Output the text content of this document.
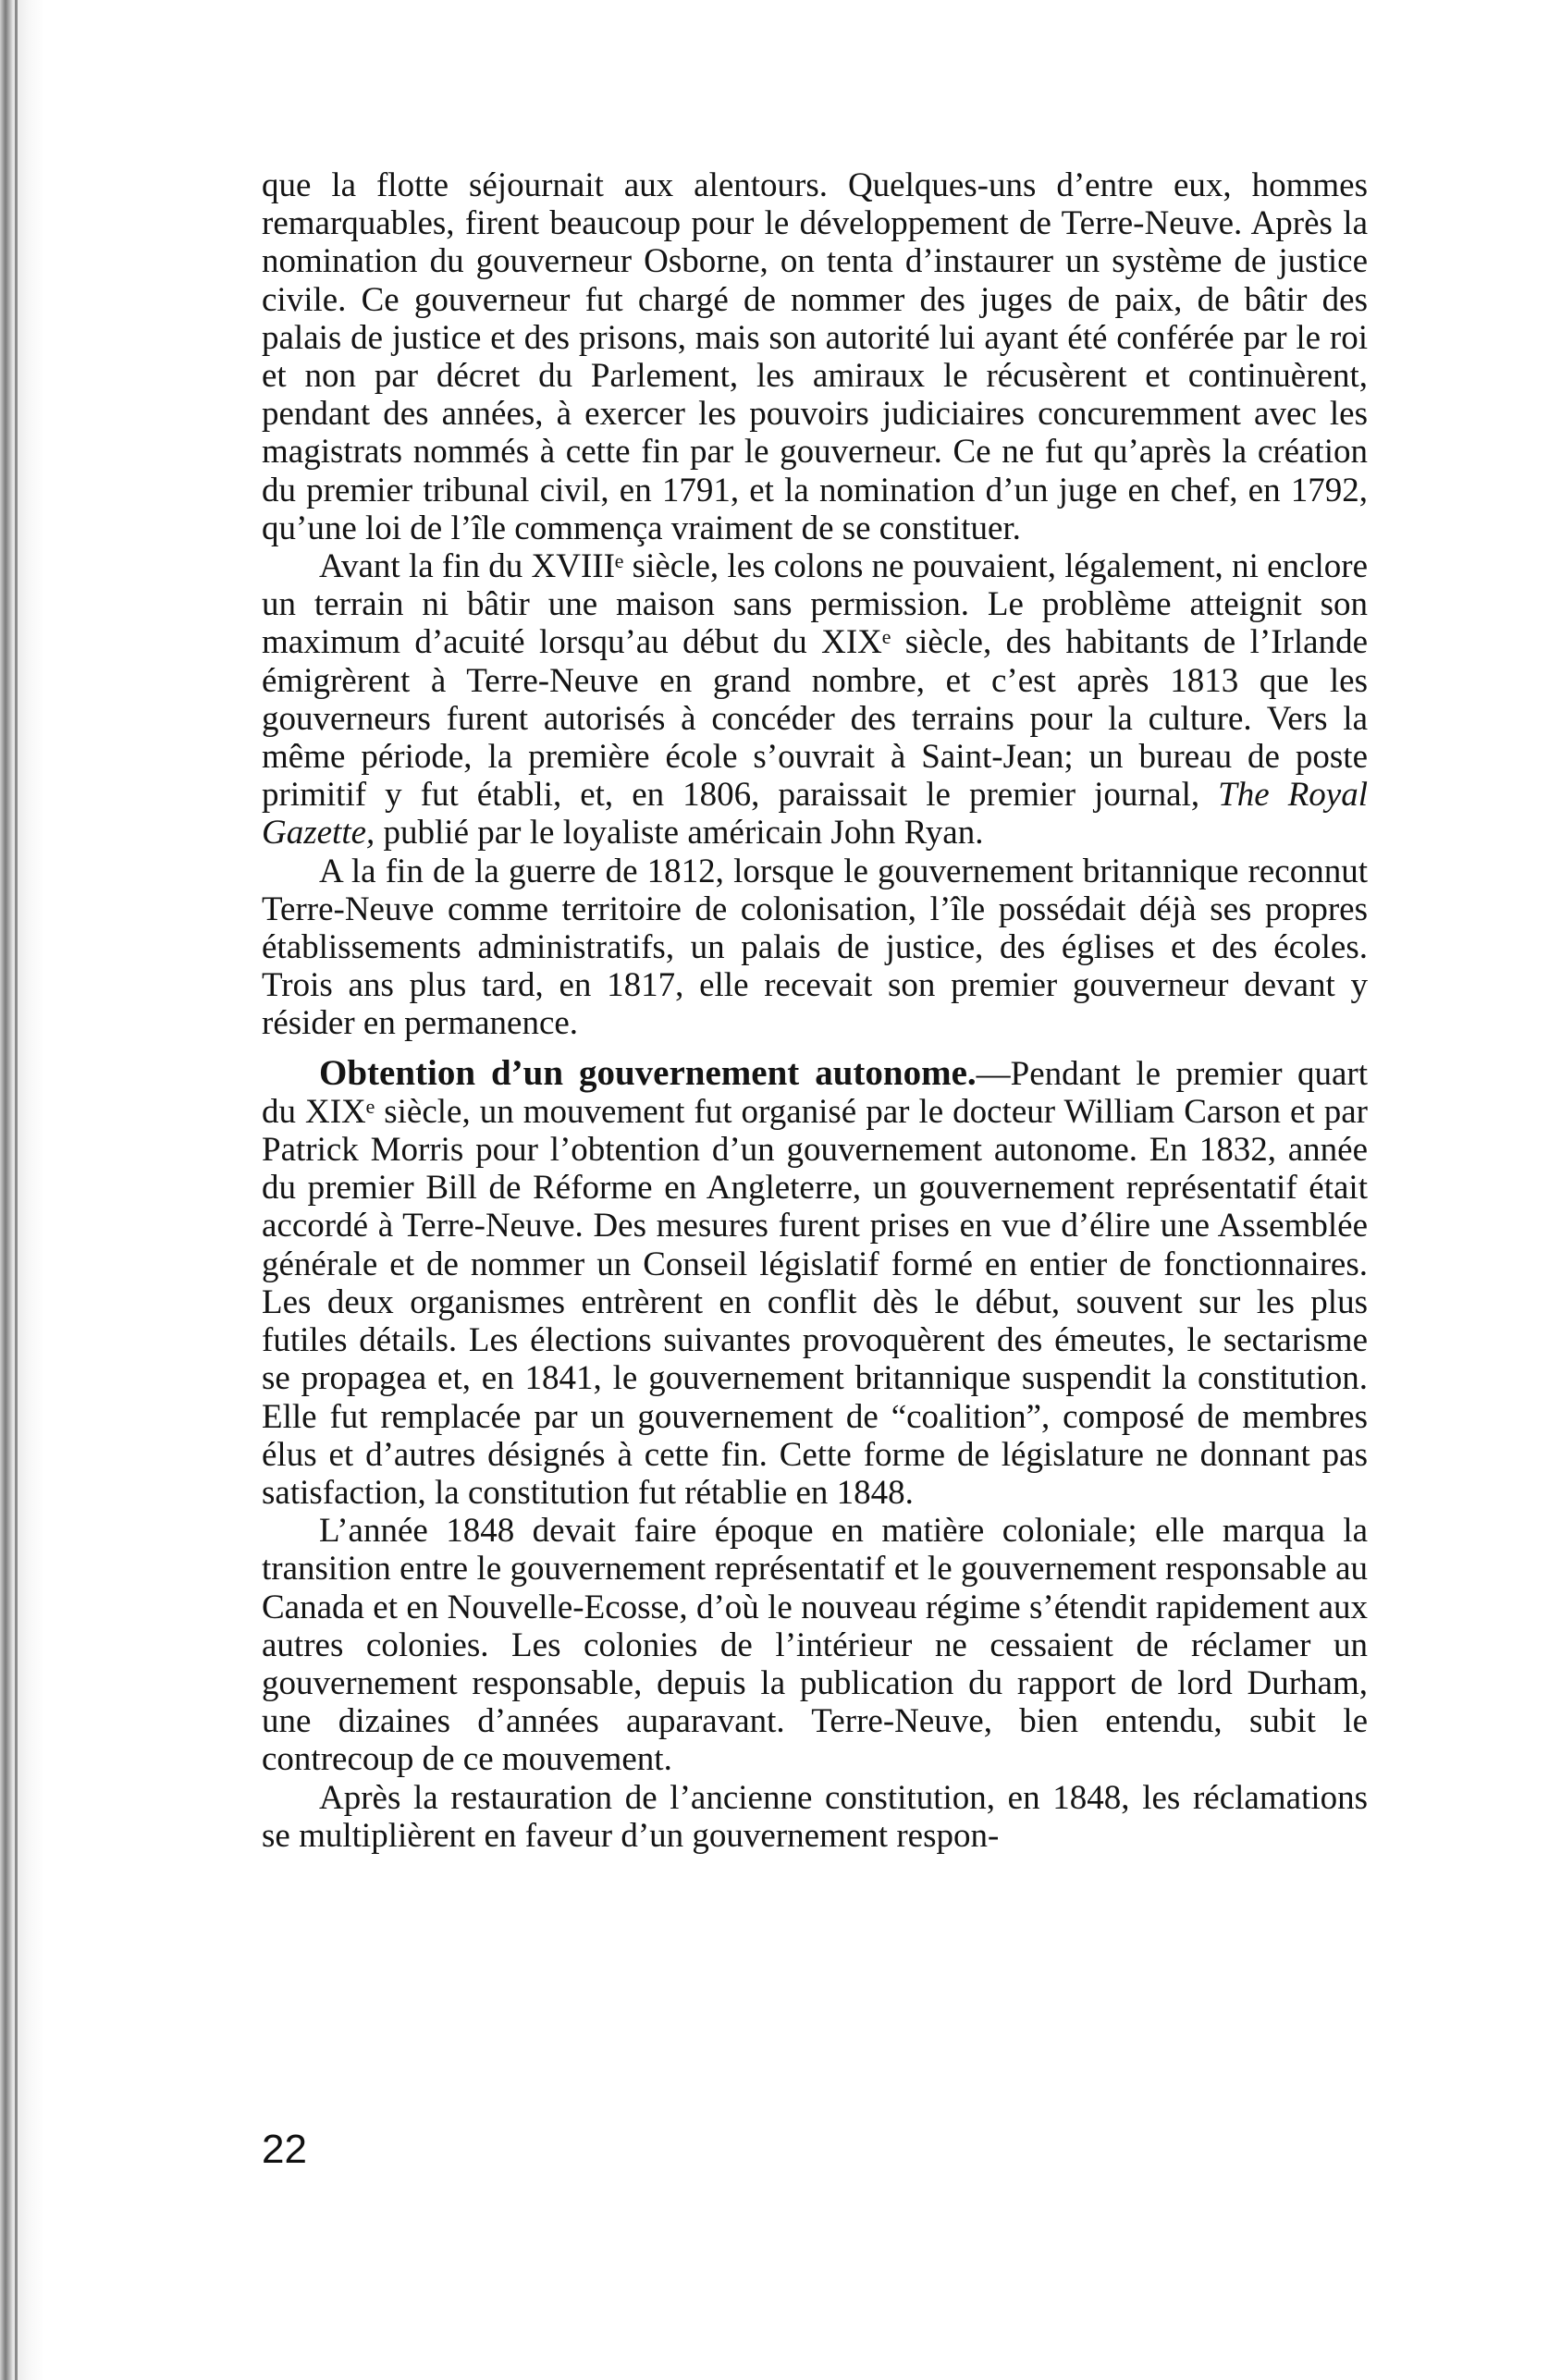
que la flotte séjournait aux alentours. Quelques-uns d’entre eux, hommes remarquables, firent beaucoup pour le développement de Terre-Neuve. Après la nomination du gouverneur Osborne, on tenta d’instaurer un système de justice civile. Ce gouverneur fut chargé de nommer des juges de paix, de bâtir des palais de justice et des prisons, mais son autorité lui ayant été conférée par le roi et non par décret du Parlement, les amiraux le récusèrent et continuèrent, pendant des années, à exercer les pouvoirs judiciaires concuremment avec les magistrats nommés à cette fin par le gouverneur. Ce ne fut qu’après la création du premier tribunal civil, en 1791, et la nomination d’un juge en chef, en 1792, qu’une loi de l’île commença vraiment de se constituer.

Avant la fin du XVIIIᵉ siècle, les colons ne pouvaient, légalement, ni enclore un terrain ni bâtir une maison sans permission. Le problème atteignit son maximum d’acuité lorsqu’au début du XIXᵉ siècle, des habitants de l’Irlande émigrèrent à Terre-Neuve en grand nombre, et c’est après 1813 que les gouverneurs furent autorisés à concéder des terrains pour la culture. Vers la même période, la première école s’ouvrait à Saint-Jean; un bureau de poste primitif y fut établi, et, en 1806, paraissait le premier journal, The Royal Gazette, publié par le loyaliste américain John Ryan.

A la fin de la guerre de 1812, lorsque le gouvernement britannique reconnut Terre-Neuve comme territoire de colonisation, l’île possédait déjà ses propres établissements administratifs, un palais de justice, des églises et des écoles. Trois ans plus tard, en 1817, elle recevait son premier gouverneur devant y résider en permanence.

Obtention d’un gouvernement autonome.—Pendant le premier quart du XIXᵉ siècle, un mouvement fut organisé par le docteur William Carson et par Patrick Morris pour l’obtention d’un gouvernement autonome. En 1832, année du premier Bill de Réforme en Angleterre, un gouvernement représentatif était accordé à Terre-Neuve. Des mesures furent prises en vue d’élire une Assemblée générale et de nommer un Conseil législatif formé en entier de fonctionnaires. Les deux organismes entrèrent en conflit dès le début, souvent sur les plus futiles détails. Les élections suivantes provoquèrent des émeutes, le sectarisme se propagea et, en 1841, le gouvernement britannique suspendit la constitution. Elle fut remplacée par un gouvernement de “coalition”, composé de membres élus et d’autres désignés à cette fin. Cette forme de législature ne donnant pas satisfaction, la constitution fut rétablie en 1848.

L’année 1848 devait faire époque en matière coloniale; elle marqua la transition entre le gouvernement représentatif et le gouvernement responsable au Canada et en Nouvelle-Ecosse, d’où le nouveau régime s’étendit rapidement aux autres colonies. Les colonies de l’intérieur ne cessaient de réclamer un gouvernement responsable, depuis la publication du rapport de lord Durham, une dizaines d’années auparavant. Terre-Neuve, bien entendu, subit le contrecoup de ce mouvement.

Après la restauration de l’ancienne constitution, en 1848, les réclamations se multiplièrent en faveur d’un gouvernement respon-

22
